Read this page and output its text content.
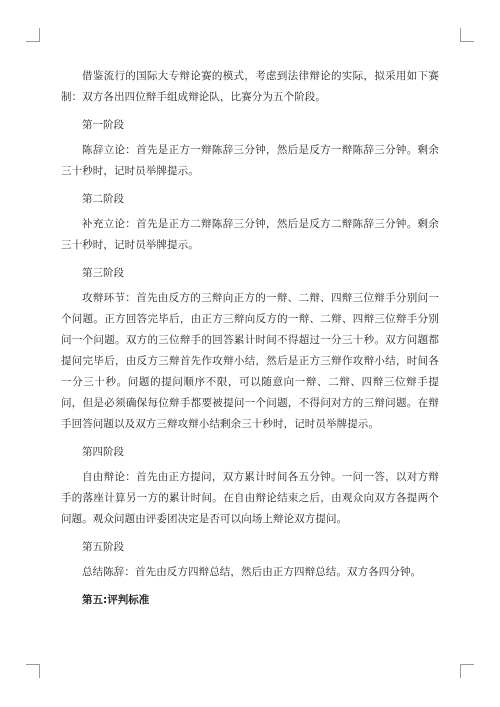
借鉴流行的国际大专辩论赛的模式，考虑到法律辩论的实际，拟采用如下赛制：双方各出四位辩手组成辩论队，比赛分为五个阶段。

第一阶段

陈辞立论：首先是正方一辩陈辞三分钟，然后是反方一辩陈辞三分钟。剩余三十秒时，记时员举牌提示。

第二阶段

补充立论：首先是正方二辩陈辞三分钟，然后是反方二辩陈辞三分钟。剩余三十秒时，记时员举牌提示。

第三阶段

攻辩环节：首先由反方的三辩向正方的一辩、二辩、四辩三位辩手分别问一个问题。正方回答完毕后，由正方三辩向反方的一辩、二辩、四辩三位辩手分别问一个问题。双方的三位辩手的回答累计时间不得超过一分三十秒。双方问题都提问完毕后，由反方三辩首先作攻辩小结，然后是正方三辩作攻辩小结，时间各一分三十秒。问题的提问顺序不限，可以随意向一辩、二辩、四辩三位辩手提问，但是必须确保每位辩手都要被提问一个问题，不得问对方的三辩问题。在辩手回答问题以及双方三辩攻辩小结剩余三十秒时，记时员举牌提示。

第四阶段

自由辩论：首先由正方提问，双方累计时间各五分钟。一问一答，以对方辩手的落座计算另一方的累计时间。在自由辩论结束之后，由观众向双方各提两个问题。观众问题由评委团决定是否可以向场上辩论双方提问。

第五阶段

总结陈辞：首先由反方四辩总结，然后由正方四辩总结。双方各四分钟。

第五:评判标准
